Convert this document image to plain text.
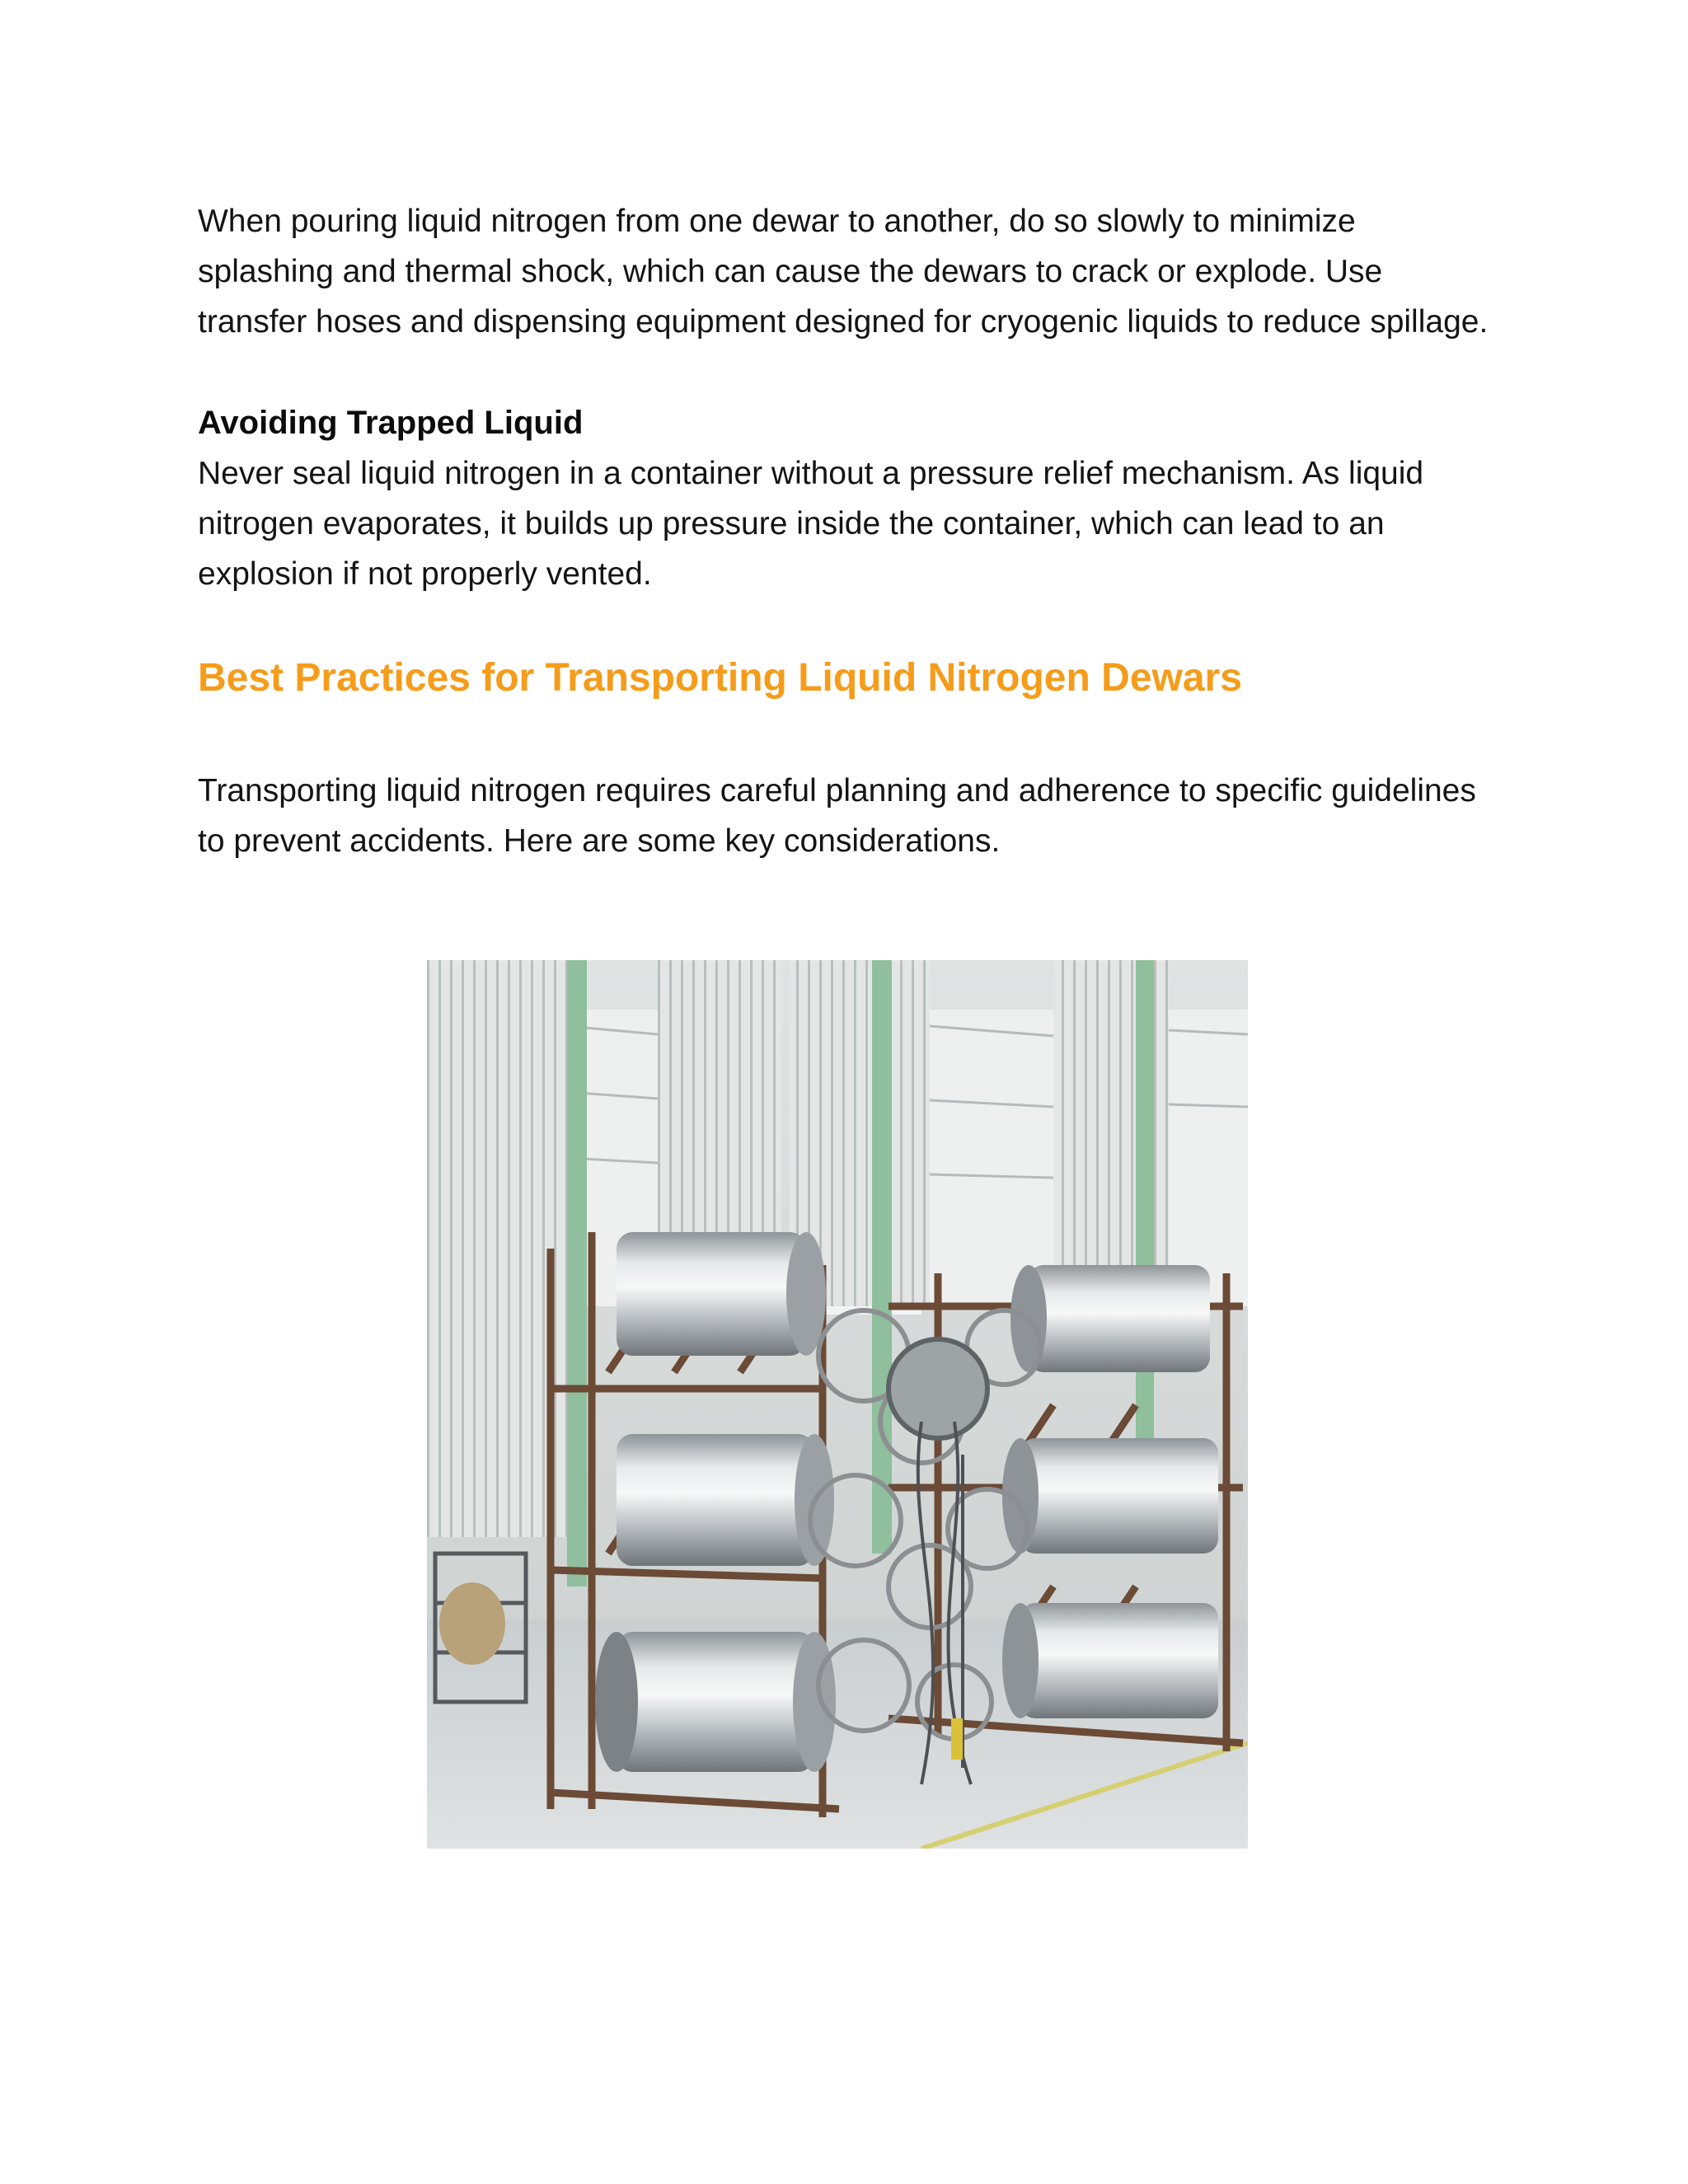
When pouring liquid nitrogen from one dewar to another, do so slowly to minimize splashing and thermal shock, which can cause the dewars to crack or explode. Use transfer hoses and dispensing equipment designed for cryogenic liquids to reduce spillage.

Avoiding Trapped Liquid

Never seal liquid nitrogen in a container without a pressure relief mechanism. As liquid nitrogen evaporates, it builds up pressure inside the container, which can lead to an explosion if not properly vented.

Best Practices for Transporting Liquid Nitrogen Dewars

Transporting liquid nitrogen requires careful planning and adherence to specific guidelines to prevent accidents. Here are some key considerations.
